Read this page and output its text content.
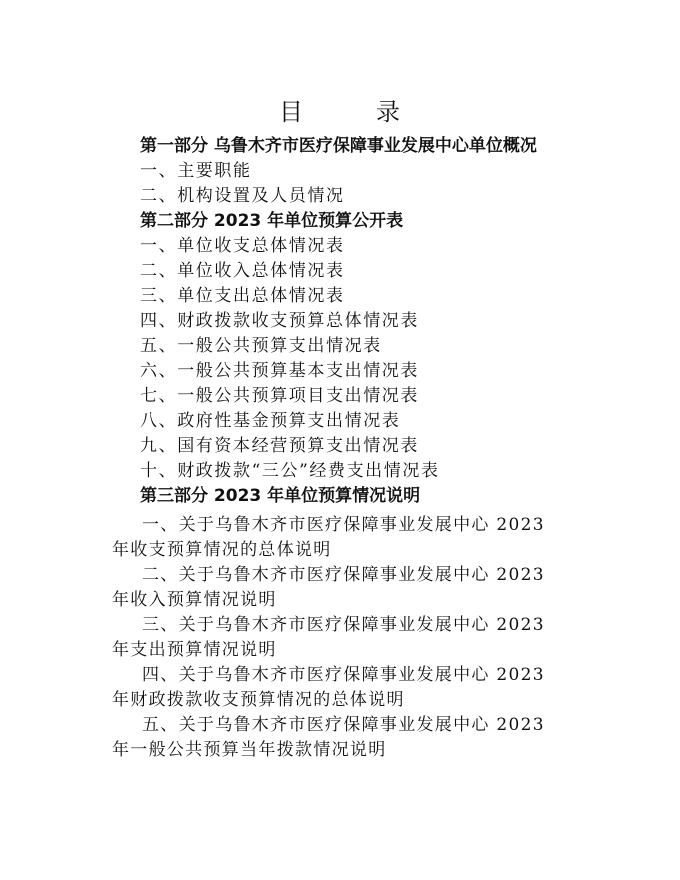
目	录
第一部分 乌鲁木齐市医疗保障事业发展中心单位概况
一、主要职能
二、机构设置及人员情况
第二部分 2023 年单位预算公开表
一、单位收支总体情况表
二、单位收入总体情况表
三、单位支出总体情况表
四、财政拨款收支预算总体情况表
五、一般公共预算支出情况表
六、一般公共预算基本支出情况表
七、一般公共预算项目支出情况表
八、政府性基金预算支出情况表
九、国有资本经营预算支出情况表
十、财政拨款“三公”经费支出情况表
第三部分 2023 年单位预算情况说明
一、关于乌鲁木齐市医疗保障事业发展中心 2023 年收支预算情况的总体说明
二、关于乌鲁木齐市医疗保障事业发展中心 2023 年收入预算情况说明
三、关于乌鲁木齐市医疗保障事业发展中心 2023 年支出预算情况说明
四、关于乌鲁木齐市医疗保障事业发展中心 2023 年财政拨款收支预算情况的总体说明
五、关于乌鲁木齐市医疗保障事业发展中心 2023 年一般公共预算当年拨款情况说明
